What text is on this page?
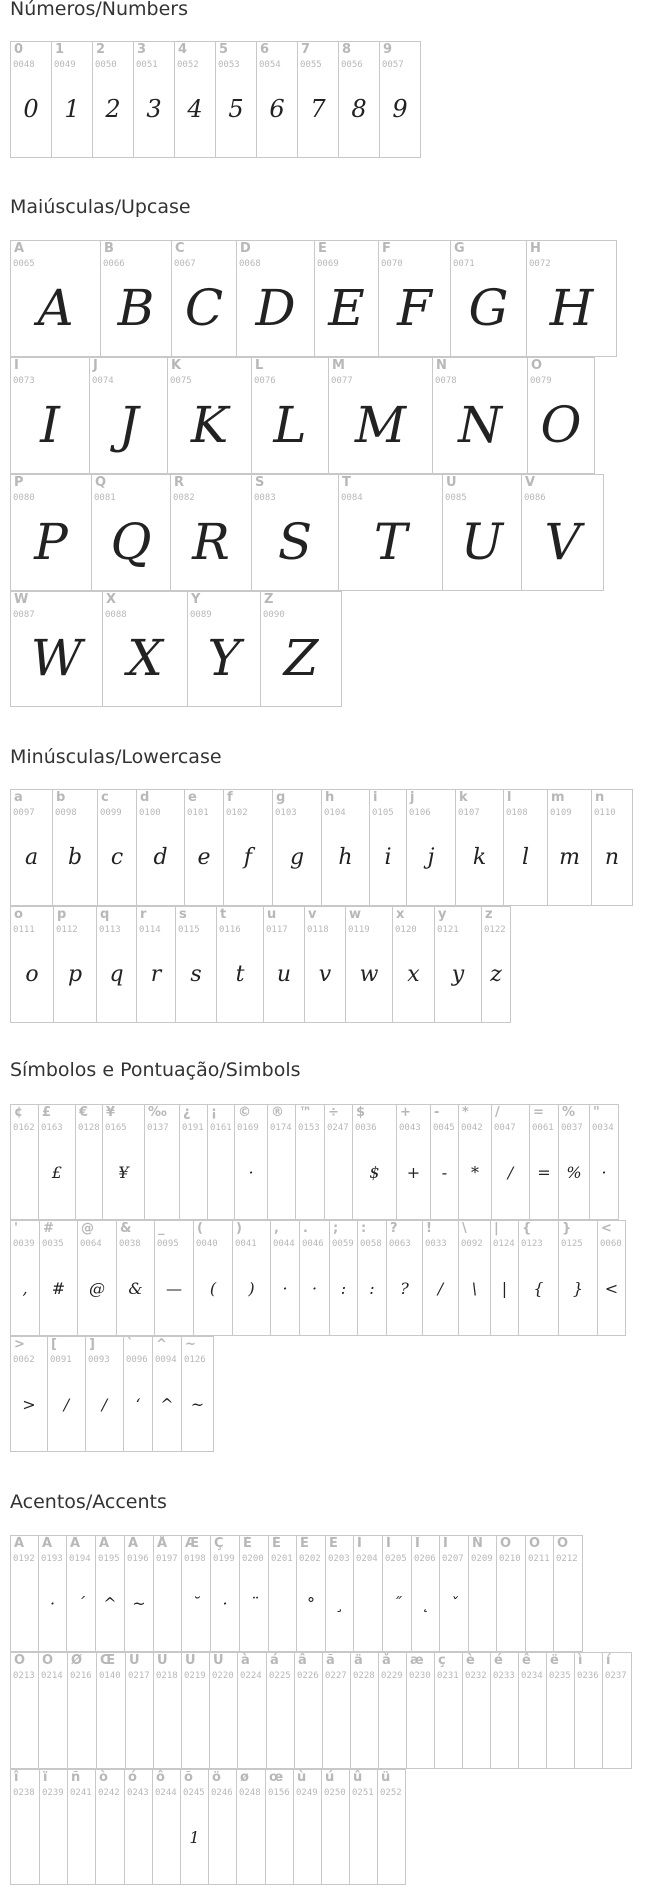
Números/Numbers
0
0048
0
1
0049
1
2
0050
2
3
0051
3
4
0052
4
5
0053
5
6
0054
6
7
0055
7
8
0056
8
9
0057
9
Maiúsculas/Upcase
A
0065
A
B
0066
B
C
0067
C
D
0068
D
E
0069
E
F
0070
F
G
0071
G
H
0072
H
I
0073
I
J
0074
J
K
0075
K
L
0076
L
M
0077
M
N
0078
N
O
0079
O
P
0080
P
Q
0081
Q
R
0082
R
S
0083
S
T
0084
T
U
0085
U
V
0086
V
W
0087
W
X
0088
X
Y
0089
Y
Z
0090
Z
Minúsculas/Lowercase
a
0097
a
b
0098
b
c
0099
c
d
0100
d
e
0101
e
f
0102
f
g
0103
g
h
0104
h
i
0105
i
j
0106
j
k
0107
k
l
0108
l
m
0109
m
n
0110
n
o
0111
o
p
0112
p
q
0113
q
r
0114
r
s
0115
s
t
0116
t
u
0117
u
v
0118
v
w
0119
w
x
0120
x
y
0121
y
z
0122
z
Símbolos e Pontuação/Simbols
¢
0162
£
0163
£
€
0128
¥
0165
¥
‰
0137
¿
0191
¡
0161
©
0169
·
®
0174
™
0153
÷
0247
$
0036
$
+
0043
+
-
0045
-
*
0042
*
/
0047
/
=
0061
=
%
0037
%
"
0034
·
'
0039
,
#
0035
#
@
0064
@
&
0038
&
_
0095
—
(
0040
(
)
0041
)
,
0044
·
.
0046
·
;
0059
:
:
0058
:
?
0063
?
!
0033
/
\
0092
\
|
0124
|
{
0123
{
}
0125
}
<
0060
<
>
0062
>
[
0091
/
]
0093
/
`
0096
‘
^
0094
^
~
0126
~
Acentos/Accents
À
0192
Á
0193
·
Â
0194
´
Ã
0195
^
Ä
0196
~
Å
0197
Æ
0198
˘
Ç
0199
·
È
0200
¨
É
0201
Ê
0202
°
Ë
0203
¸
Ì
0204
Í
0205
˝
Î
0206
˛
Ï
0207
ˇ
Ñ
0209
Ò
0210
Ó
0211
Ô
0212
Õ
0213
Ö
0214
Ø
0216
Œ
0140
Ù
0217
Ú
0218
Û
0219
Ü
0220
à
0224
á
0225
â
0226
ã
0227
ä
0228
å
0229
æ
0230
ç
0231
è
0232
é
0233
ê
0234
ë
0235
ì
0236
í
0237
î
0238
ï
0239
ñ
0241
ò
0242
ó
0243
ô
0244
õ
0245
1
ö
0246
ø
0248
œ
0156
ù
0249
ú
0250
û
0251
ü
0252
